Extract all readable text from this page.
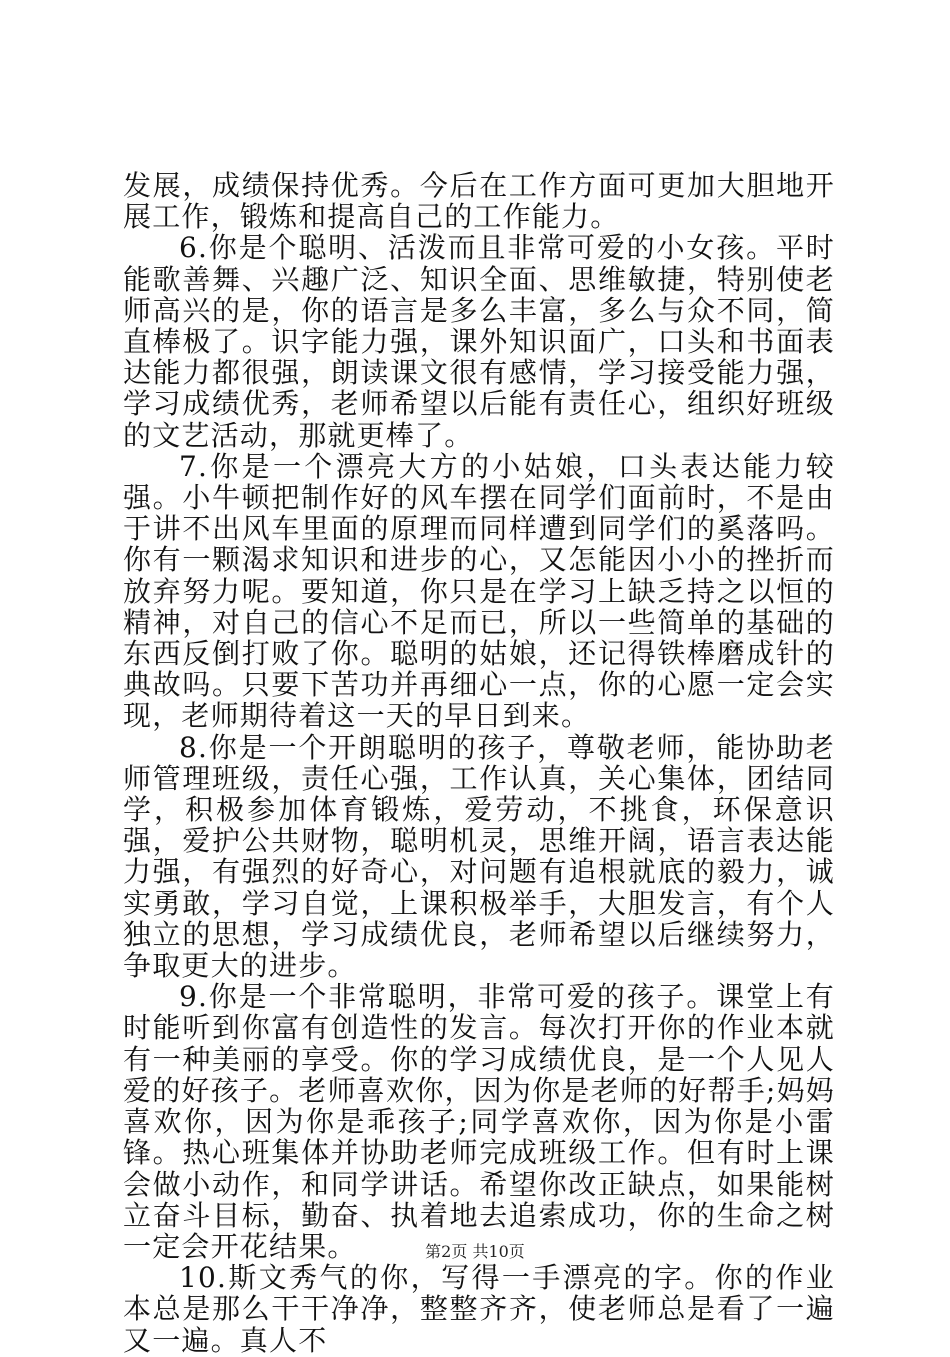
发展，成绩保持优秀。今后在工作方面可更加大胆地开展工作，锻炼和提高自己的工作能力。

6.你是个聪明、活泼而且非常可爱的小女孩。平时能歌善舞、兴趣广泛、知识全面、思维敏捷，特别使老师高兴的是，你的语言是多么丰富，多么与众不同，简直棒极了。识字能力强，课外知识面广，口头和书面表达能力都很强，朗读课文很有感情，学习接受能力强，学习成绩优秀，老师希望以后能有责任心，组织好班级的文艺活动，那就更棒了。

7.你是一个漂亮大方的小姑娘，口头表达能力较强。小牛顿把制作好的风车摆在同学们面前时，不是由于讲不出风车里面的原理而同样遭到同学们的奚落吗。你有一颗渴求知识和进步的心，又怎能因小小的挫折而放弃努力呢。要知道，你只是在学习上缺乏持之以恒的精神，对自己的信心不足而已，所以一些简单的基础的东西反倒打败了你。聪明的姑娘，还记得铁棒磨成针的典故吗。只要下苦功并再细心一点，你的心愿一定会实现，老师期待着这一天的早日到来。

8.你是一个开朗聪明的孩子，尊敬老师，能协助老师管理班级，责任心强，工作认真，关心集体，团结同学，积极参加体育锻炼，爱劳动，不挑食，环保意识强，爱护公共财物，聪明机灵，思维开阔，语言表达能力强，有强烈的好奇心，对问题有追根就底的毅力，诚实勇敢，学习自觉，上课积极举手，大胆发言，有个人独立的思想，学习成绩优良，老师希望以后继续努力，争取更大的进步。

9.你是一个非常聪明，非常可爱的孩子。课堂上有时能听到你富有创造性的发言。每次打开你的作业本就有一种美丽的享受。你的学习成绩优良，是一个人见人爱的好孩子。老师喜欢你，因为你是老师的好帮手;妈妈喜欢你，因为你是乖孩子;同学喜欢你，因为你是小雷锋。热心班集体并协助老师完成班级工作。但有时上课会做小动作，和同学讲话。希望你改正缺点，如果能树立奋斗目标，勤奋、执着地去追索成功，你的生命之树一定会开花结果。

10.斯文秀气的你，写得一手漂亮的字。你的作业本总是那么干干净净，整整齐齐，使老师总是看了一遍又一遍。真人不

第2页 共10页
